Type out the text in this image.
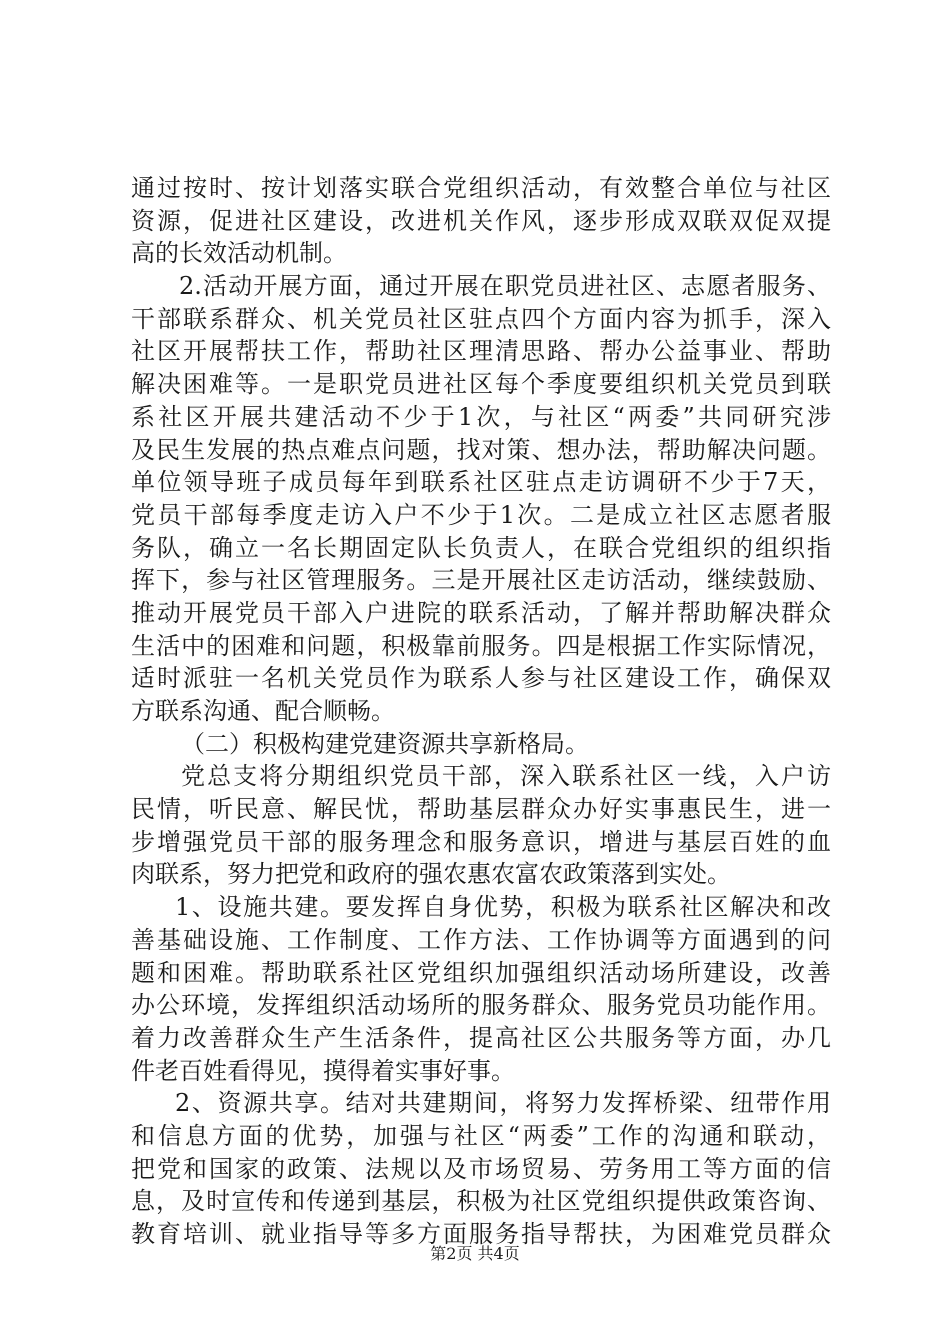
通过按时、按计划落实联合党组织活动，有效整合单位与社区
资源，促进社区建设，改进机关作风，逐步形成双联双促双提
高的长效活动机制。
2.活动开展方面，通过开展在职党员进社区、志愿者服务、
干部联系群众、机关党员社区驻点四个方面内容为抓手，深入
社区开展帮扶工作，帮助社区理清思路、帮办公益事业、帮助
解决困难等。一是职党员进社区每个季度要组织机关党员到联
系社区开展共建活动不少于1次，与社区“两委”共同研究涉
及民生发展的热点难点问题，找对策、想办法，帮助解决问题。
单位领导班子成员每年到联系社区驻点走访调研不少于7天，
党员干部每季度走访入户不少于1次。二是成立社区志愿者服
务队，确立一名长期固定队长负责人，在联合党组织的组织指
挥下，参与社区管理服务。三是开展社区走访活动，继续鼓励、
推动开展党员干部入户进院的联系活动，了解并帮助解决群众
生活中的困难和问题，积极靠前服务。四是根据工作实际情况，
适时派驻一名机关党员作为联系人参与社区建设工作，确保双
方联系沟通、配合顺畅。
（二）积极构建党建资源共享新格局。
党总支将分期组织党员干部，深入联系社区一线，入户访
民情，听民意、解民忧，帮助基层群众办好实事惠民生，进一
步增强党员干部的服务理念和服务意识，增进与基层百姓的血
肉联系，努力把党和政府的强农惠农富农政策落到实处。
1、设施共建。要发挥自身优势，积极为联系社区解决和改
善基础设施、工作制度、工作方法、工作协调等方面遇到的问
题和困难。帮助联系社区党组织加强组织活动场所建设，改善
办公环境，发挥组织活动场所的服务群众、服务党员功能作用。
着力改善群众生产生活条件，提高社区公共服务等方面，办几
件老百姓看得见，摸得着实事好事。
2、资源共享。结对共建期间，将努力发挥桥梁、纽带作用
和信息方面的优势，加强与社区“两委”工作的沟通和联动，
把党和国家的政策、法规以及市场贸易、劳务用工等方面的信
息，及时宣传和传递到基层，积极为社区党组织提供政策咨询、
教育培训、就业指导等多方面服务指导帮扶，为困难党员群众
第2页 共4页
